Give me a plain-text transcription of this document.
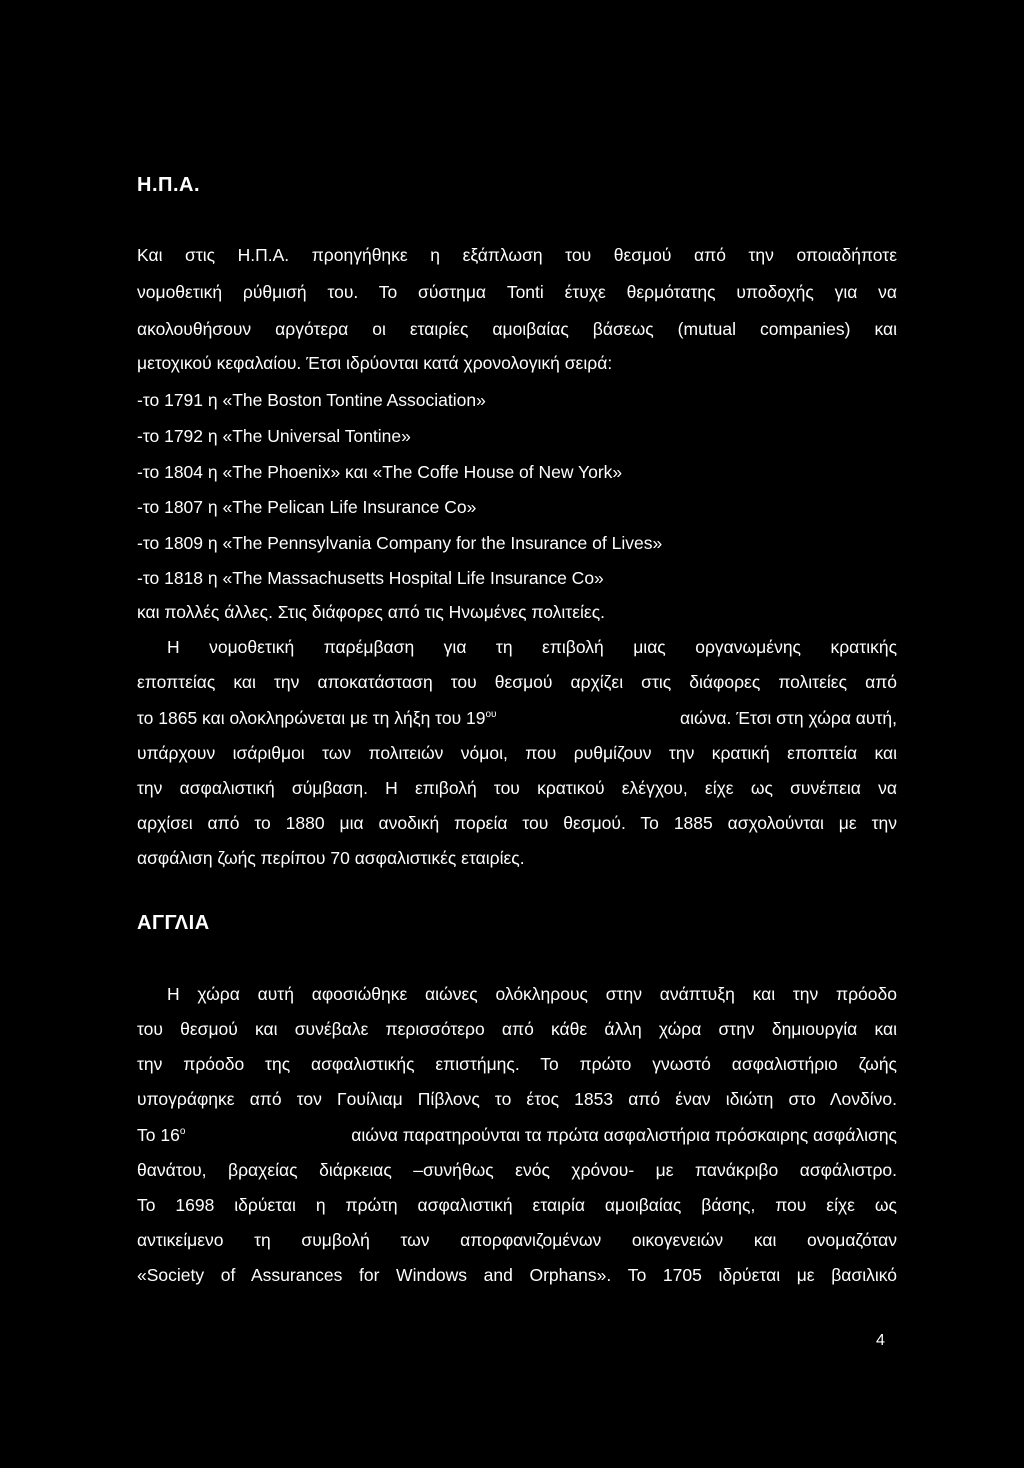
Η.Π.Α.
Και στις Η.Π.Α. προηγήθηκε η εξάπλωση του θεσμού από την οποιαδήποτε
νομοθετική ρύθμισή του. Το σύστημα Tonti έτυχε θερμότατης υποδοχής για να
ακολουθήσουν αργότερα οι εταιρίες αμοιβαίας βάσεως (mutual companies) και
μετοχικού κεφαλαίου. Έτσι ιδρύονται κατά χρονολογική σειρά:
-το 1791 η «The Boston Tontine Association»
-το 1792 η «The Universal Tontine»
-το 1804 η «The Phoenix» και «The Coffe House of New York»
-το 1807 η «The Pelican Life Insurance Co»
-το 1809 η «The Pennsylvania Company for the Insurance of Lives»
-το 1818 η «The Massachusetts Hospital Life Insurance Co»
και πολλές άλλες. Στις διάφορες από τις Ηνωμένες πολιτείες.
Η νομοθετική παρέμβαση για τη επιβολή μιας οργανωμένης κρατικής
εποπτείας και την αποκατάσταση του θεσμού αρχίζει στις διάφορες πολιτείες από
το 1865 και ολοκληρώνεται με τη λήξη του $19^{o\upsilon}$	αιώνα. Έτσι στη χώρα αυτή,
υπάρχουν ισάριθμοι των πολιτειών νόμοι, που ρυθμίζουν την κρατική εποπτεία και
την ασφαλιστική σύμβαση. Η επιβολή του κρατικού ελέγχου, είχε ως συνέπεια να
αρχίσει από το 1880 μια ανοδική πορεία του θεσμού. Το 1885 ασχολούνται με την
ασφάλιση ζωής περίπου 70 ασφαλιστικές εταιρίες.
ΑΓΓΛΙΑ
Η χώρα αυτή αφοσιώθηκε αιώνες ολόκληρους στην ανάπτυξη και την πρόοδο
του θεσμού και συνέβαλε περισσότερο από κάθε άλλη χώρα στην δημιουργία και
την πρόοδο της ασφαλιστικής επιστήμης. Το πρώτο γνωστό ασφαλιστήριο ζωής
υπογράφηκε από τον Γουίλιαμ Πίβλονς το έτος 1853 από έναν ιδιώτη στο Λονδίνο.
Το $16^o$	αιώνα παρατηρούνται τα πρώτα ασφαλιστήρια πρόσκαιρης ασφάλισης
θανάτου, βραχείας διάρκειας –συνήθως ενός χρόνου- με πανάκριβο ασφάλιστρο.
Το 1698 ιδρύεται η πρώτη ασφαλιστική εταιρία αμοιβαίας βάσης, που είχε ως
αντικείμενο τη συμβολή των απορφανιζομένων οικογενειών και ονομαζόταν
«Society of Assurances for Windows and Orphans». Το 1705 ιδρύεται με βασιλικό
4
